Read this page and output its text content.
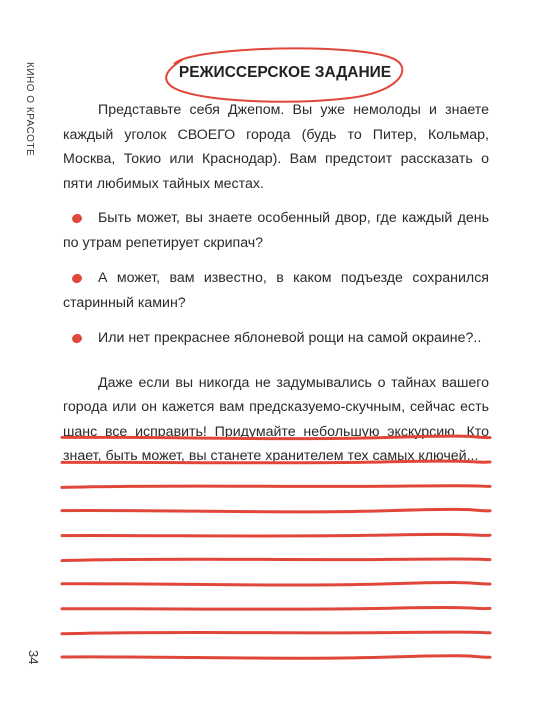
КИНО О КРАСОТЕ	РЕЖИССЕРСКОЕ ЗАДАНИЕ

Представьте себя Джепом. Вы уже немолоды и знаете каждый уголок СВОЕГО города (будь то Питер, Кольмар, Москва, Токио или Краснодар). Вам предстоит рассказать о пяти любимых тайных местах.

Быть может, вы знаете особенный двор, где каждый день по утрам репетирует скрипач?
А может, вам известно, в каком подъезде сохранился старинный камин?
Или нет прекраснее яблоневой рощи на самой окраине?..

Даже если вы никогда не задумывались о тайнах вашего города или он кажется вам предсказуемо-скучным, сейчас есть шанс все исправить! Придумайте небольшую экскурсию. Кто знает, быть может, вы станете хранителем тех самых ключей...

34
